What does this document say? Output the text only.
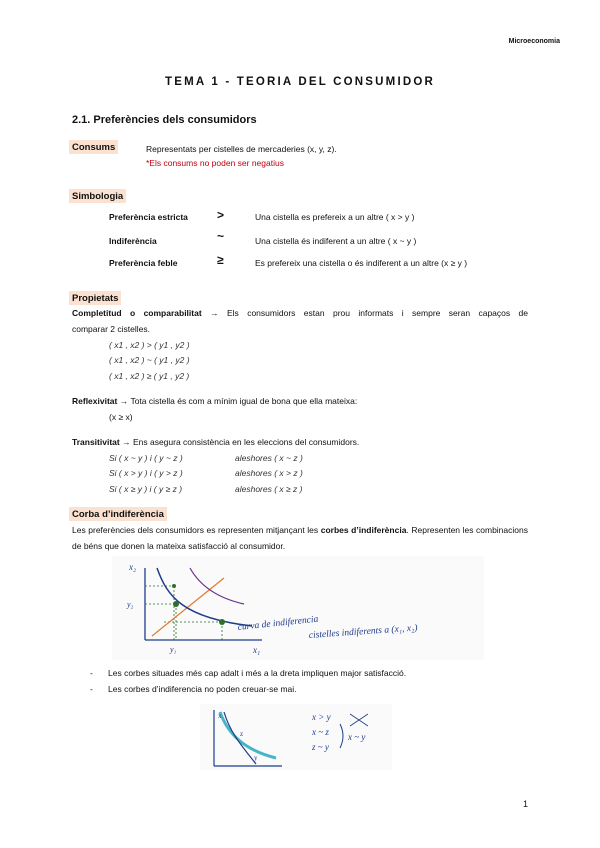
Microeconomia
TEMA 1 - TEORIA DEL CONSUMIDOR
2.1. Preferències dels consumidors
Consums	Representats per cistelles de mercaderies (x, y, z).
*Els consums no poden ser negatius
Simbologia
Preferència estricta >	Una cistella es prefereix a un altre ( x > y )
Indiferència	~	Una cistella és indiferent a un altre ( x ~ y )
Preferència feble	≥	Es prefereix una cistella o és indiferent a un altre (x ≥ y )
Propietats
Completitud o comparabilitat → Els consumidors estan prou informats i sempre seran capaços de
comparar 2 cistelles.
( x1 , x2 ) > ( y1 , y2 )
( x1 , x2 ) ~ ( y1 , y2 )
( x1 , x2 ) ≥ ( y1 , y2 )
Reflexivitat → Tota cistella és com a mínim igual de bona que ella mateixa:
(x ≥ x)
Transitivitat → Ens asegura consistència en les eleccions del consumidors.
Si ( x ~ y ) i ( y ~ z )	aleshores ( x ~ z )
Si ( x > y ) i ( y > z )	aleshores ( x > z )
Si ( x ≥ y ) i ( y ≥ z )	aleshores ( x ≥ z )
Corba d’indiferència
Les preferències dels consumidors es representen mitjançant les corbes d’indiferència. Representen les combinacions de béns que donen la mateixa satisfacció al consumidor.
x₂
x₁
y₂
y₁
curva de indiferencia
cistelles indiferents a (x₁, x₂)
- Les corbes situades més cap adalt i més a la dreta impliquen major satisfacció.
- Les corbes d’indiferencia no poden creuar-se mai.
x
z
y
x > y
x ~ z
z ~ y
x ~ y
1
